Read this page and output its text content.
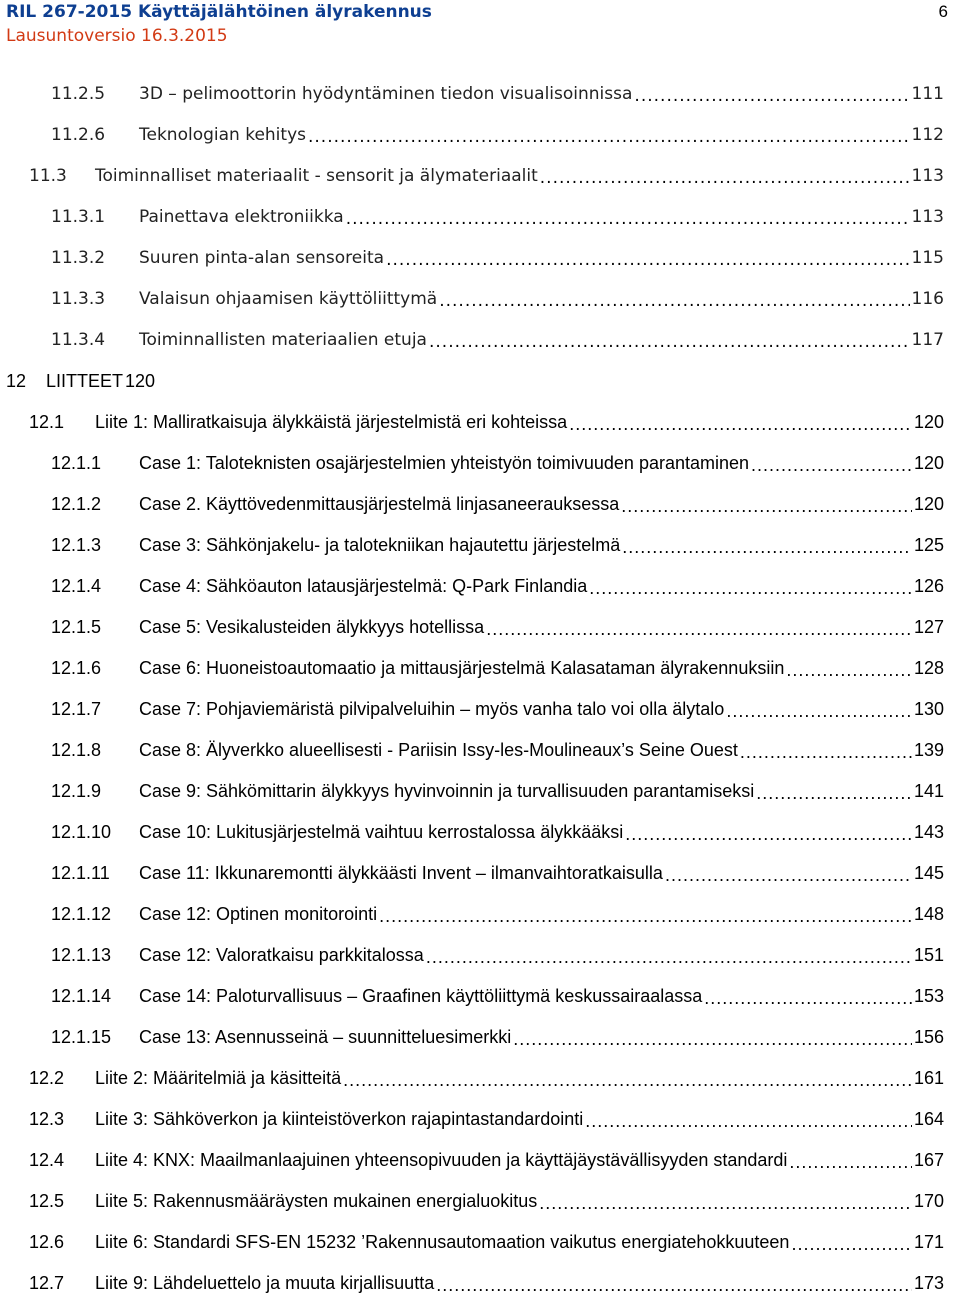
RIL 267-2015 Käyttäjälähtöinen älyrakennus	6
Lausuntoversio 16.3.2015
11.2.5	3D – pelimoottorin hyödyntäminen tiedon visualisoinnissa .....	111
11.2.6	Teknologian kehitys .....	112
11.3	Toiminnalliset materiaalit - sensorit ja älymateriaalit .....	113
11.3.1	Painettava elektroniikka .....	113
11.3.2	Suuren pinta-alan sensoreita .....	115
11.3.3	Valaisun ohjaamisen käyttöliittymä .....	116
11.3.4	Toiminnallisten materiaalien etuja .....	117
12	LIITTEET 120
12.1	Liite 1: Malliratkaisuja älykkäistä järjestelmistä eri kohteissa .....	120
12.1.1	Case 1: Taloteknisten osajärjestelmien yhteistyön toimivuuden parantaminen .....	120
12.1.2	Case 2. Käyttövedenmittausjärjestelmä linjasaneerauksessa .....	120
12.1.3	Case 3: Sähkönjakelu- ja talotekniikan hajautettu järjestelmä .....	125
12.1.4	Case 4: Sähköauton latausjärjestelmä: Q-Park Finlandia .....	126
12.1.5	Case 5: Vesikalusteiden älykkyys hotellissa .....	127
12.1.6	Case 6: Huoneistoautomaatio ja mittausjärjestelmä Kalasataman älyrakennuksiin .....	128
12.1.7	Case 7: Pohjaviemäristä pilvipalveluihin – myös vanha talo voi olla älytalo .....	130
12.1.8	Case 8: Älyverkko alueellisesti - Pariisin Issy-les-Moulineaux’s Seine Ouest .....	139
12.1.9	Case 9: Sähkömittarin älykkyys hyvinvoinnin ja turvallisuuden parantamiseksi .....	141
12.1.10	Case 10: Lukitusjärjestelmä vaihtuu kerrostalossa älykkääksi .....	143
12.1.11	Case 11: Ikkunaremontti älykkäästi Invent – ilmanvaihtoratkaisulla .....	145
12.1.12	Case 12: Optinen monitorointi .....	148
12.1.13	Case 12: Valoratkaisu parkkitalossa .....	151
12.1.14	Case 14: Paloturvallisuus – Graafinen käyttöliittymä keskussairaalassa .....	153
12.1.15	Case 13: Asennusseinä – suunnitteluesimerkki .....	156
12.2	Liite 2: Määritelmiä ja käsitteitä .....	161
12.3	Liite 3: Sähköverkon ja kiinteistöverkon rajapintastandardointi .....	164
12.4	Liite 4: KNX: Maailmanlaajuinen yhteensopivuuden ja käyttäjäystävällisyyden standardi .....	167
12.5	Liite 5: Rakennusmääräysten mukainen energialuokitus .....	170
12.6	Liite 6: Standardi SFS-EN 15232 ’Rakennusautomaation vaikutus energiatehokkuuteen .....	171
12.7	Liite 9: Lähdeluettelo ja muuta kirjallisuutta .....	173
